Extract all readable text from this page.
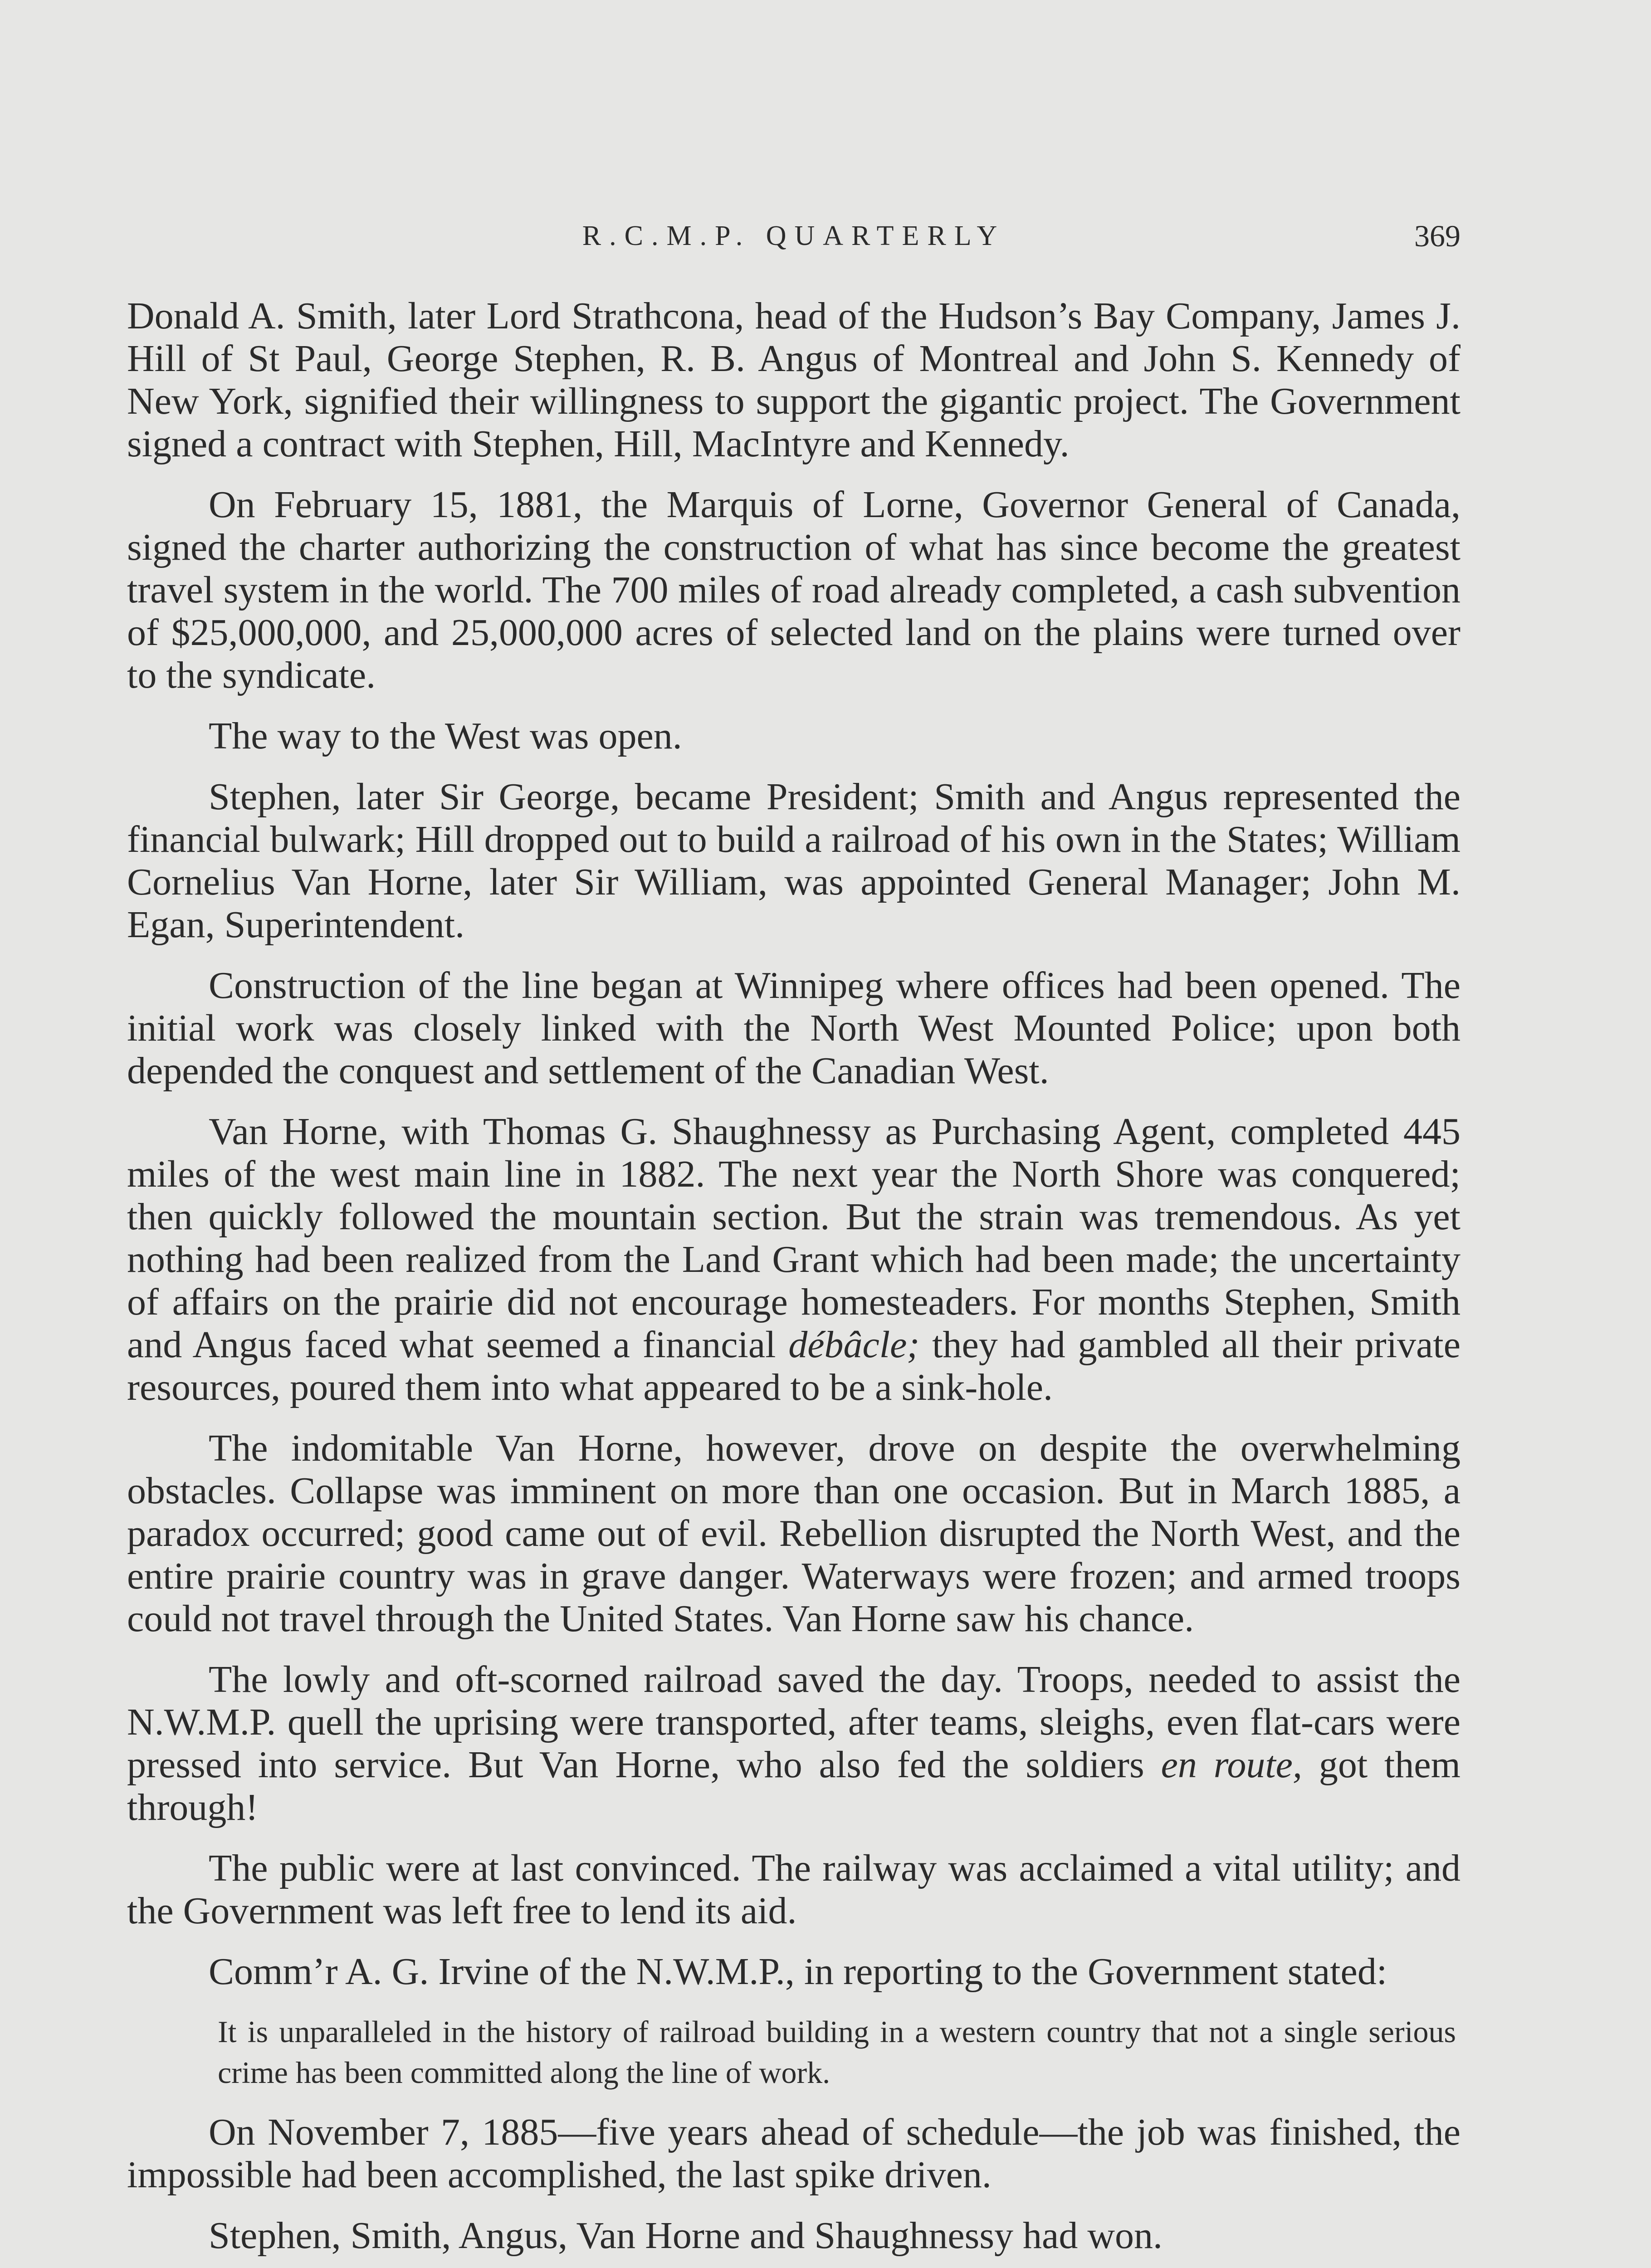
R.C.M.P. QUARTERLY	369

Donald A. Smith, later Lord Strathcona, head of the Hudson’s Bay Company, James J. Hill of St Paul, George Stephen, R. B. Angus of Montreal and John S. Kennedy of New York, signified their willingness to support the gigantic project. The Government signed a contract with Stephen, Hill, MacIntyre and Kennedy.

On February 15, 1881, the Marquis of Lorne, Governor General of Canada, signed the charter authorizing the construction of what has since become the greatest travel system in the world. The 700 miles of road already completed, a cash subvention of $25,000,000, and 25,000,000 acres of selected land on the plains were turned over to the syndicate.

The way to the West was open.

Stephen, later Sir George, became President; Smith and Angus represented the financial bulwark; Hill dropped out to build a railroad of his own in the States; William Cornelius Van Horne, later Sir William, was appointed General Manager; John M. Egan, Superintendent.

Construction of the line began at Winnipeg where offices had been opened. The initial work was closely linked with the North West Mounted Police; upon both depended the conquest and settlement of the Canadian West.

Van Horne, with Thomas G. Shaughnessy as Purchasing Agent, completed 445 miles of the west main line in 1882. The next year the North Shore was conquered; then quickly followed the mountain section. But the strain was tremendous. As yet nothing had been realized from the Land Grant which had been made; the uncertainty of affairs on the prairie did not encourage homesteaders. For months Stephen, Smith and Angus faced what seemed a financial débâcle; they had gambled all their private resources, poured them into what appeared to be a sink-hole.

The indomitable Van Horne, however, drove on despite the overwhelming obstacles. Collapse was imminent on more than one occasion. But in March 1885, a paradox occurred; good came out of evil. Rebellion disrupted the North West, and the entire prairie country was in grave danger. Waterways were frozen; and armed troops could not travel through the United States. Van Horne saw his chance.

The lowly and oft-scorned railroad saved the day. Troops, needed to assist the N.W.M.P. quell the uprising were transported, after teams, sleighs, even flat-cars were pressed into service. But Van Horne, who also fed the soldiers en route, got them through!

The public were at last convinced. The railway was acclaimed a vital utility; and the Government was left free to lend its aid.

Comm’r A. G. Irvine of the N.W.M.P., in reporting to the Government stated:

It is unparalleled in the history of railroad building in a western country that not a single serious crime has been committed along the line of work.

On November 7, 1885—five years ahead of schedule—the job was finished, the impossible had been accomplished, the last spike driven.

Stephen, Smith, Angus, Van Horne and Shaughnessy had won.
